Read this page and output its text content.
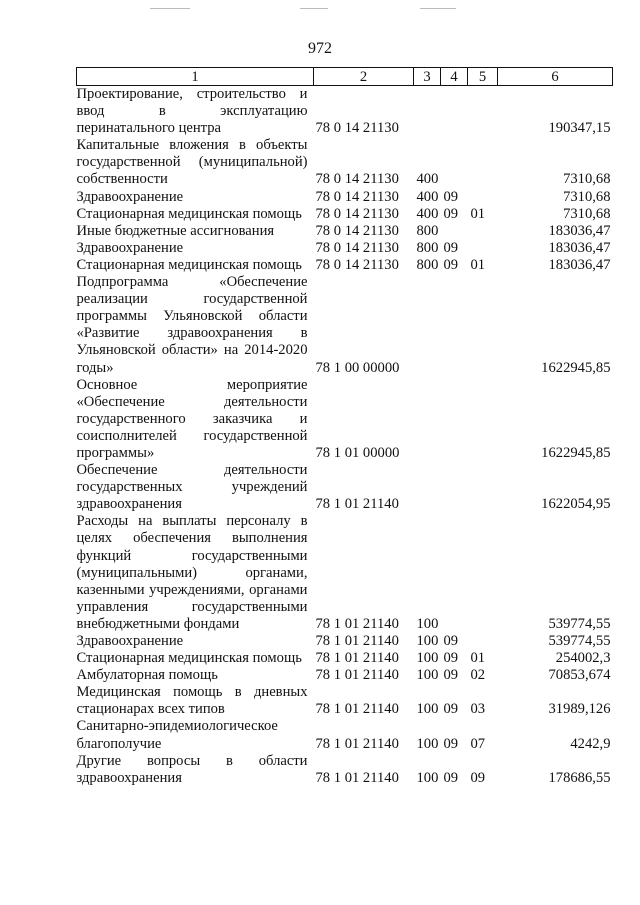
972
1	2	3	4	5	6
Проектирование, строительство и ввод в эксплуатацию перинатального центра	78 0 14 21130				190347,15
Капитальные вложения в объекты государственной (муниципальной) собственности	78 0 14 21130	400			7310,68
Здравоохранение	78 0 14 21130	400	09		7310,68
Стационарная медицинская помощь	78 0 14 21130	400	09	01	7310,68
Иные бюджетные ассигнования	78 0 14 21130	800			183036,47
Здравоохранение	78 0 14 21130	800	09		183036,47
Стационарная медицинская помощь	78 0 14 21130	800	09	01	183036,47
Подпрограмма «Обеспечение реализации государственной программы Ульяновской области «Развитие здравоохранения в Ульяновской области» на 2014-2020 годы»	78 1 00 00000				1622945,85
Основное мероприятие «Обеспечение деятельности государственного заказчика и соисполнителей государственной программы»	78 1 01 00000				1622945,85
Обеспечение деятельности государственных учреждений здравоохранения	78 1 01 21140				1622054,95
Расходы на выплаты персоналу в целях обеспечения выполнения функций государственными (муниципальными) органами, казенными учреждениями, органами управления государственными внебюджетными фондами	78 1 01 21140	100			539774,55
Здравоохранение	78 1 01 21140	100	09		539774,55
Стационарная медицинская помощь	78 1 01 21140	100	09	01	254002,3
Амбулаторная помощь	78 1 01 21140	100	09	02	70853,674
Медицинская помощь в дневных стационарах всех типов	78 1 01 21140	100	09	03	31989,126
Санитарно-эпидемиологическое благополучие	78 1 01 21140	100	09	07	4242,9
Другие вопросы в области здравоохранения	78 1 01 21140	100	09	09	178686,55
